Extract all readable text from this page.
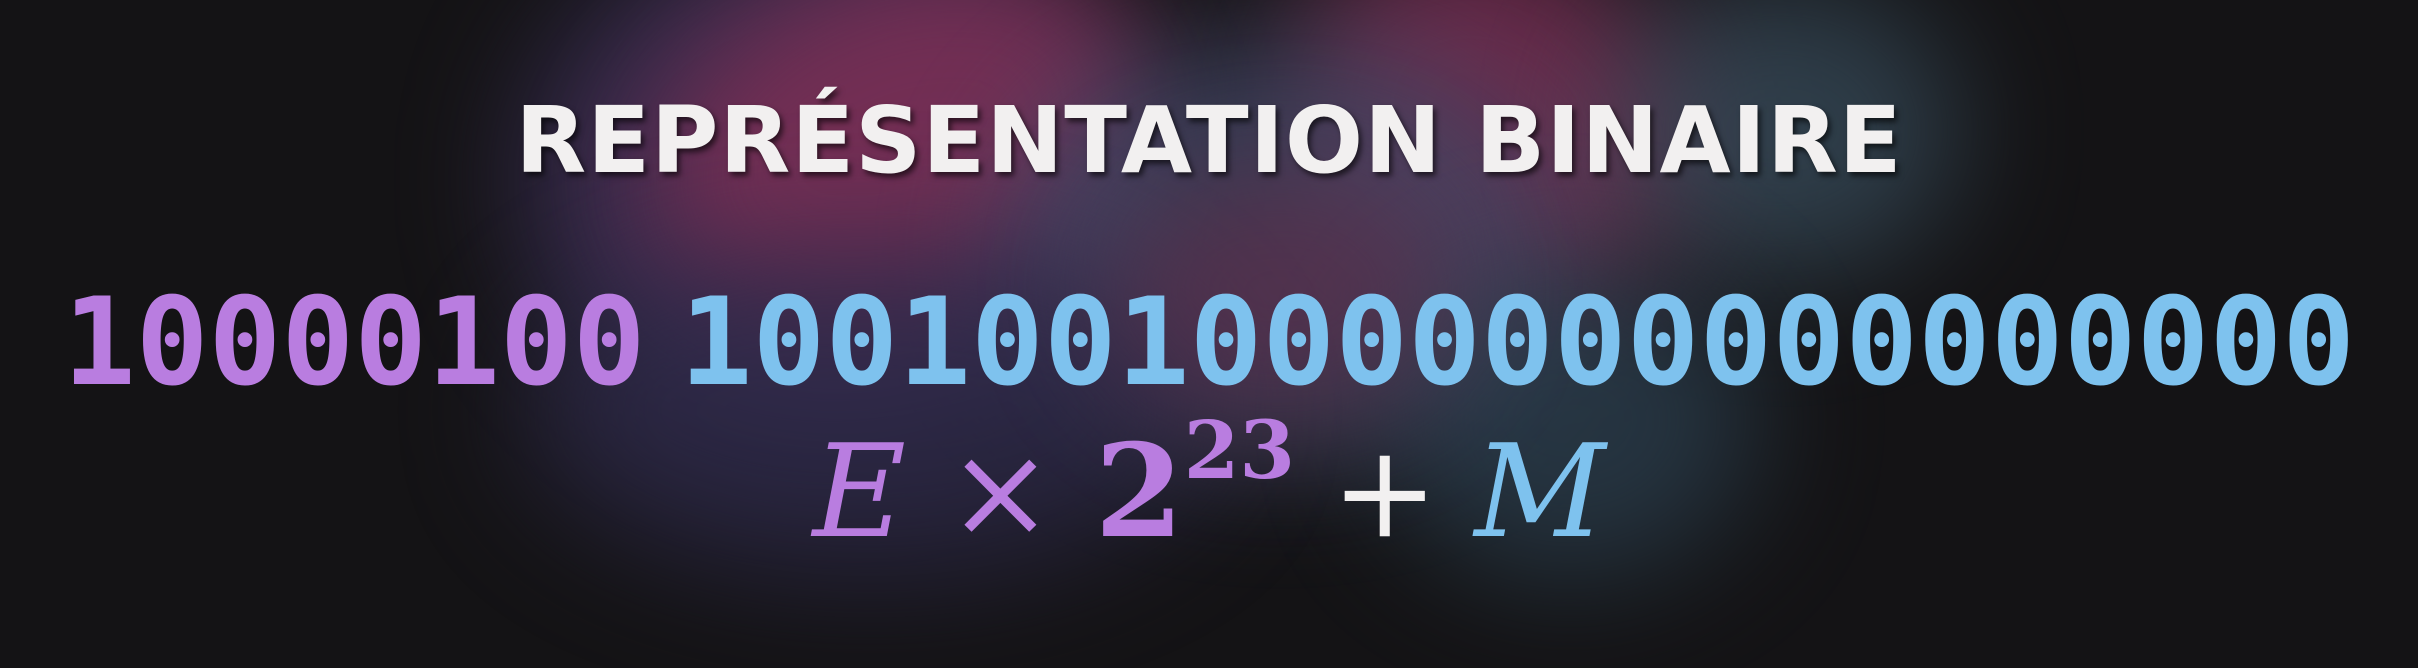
REPRÉSENTATION BINAIRE
10000100 10010010000000000000000
$E \times 2^{23} + M$
